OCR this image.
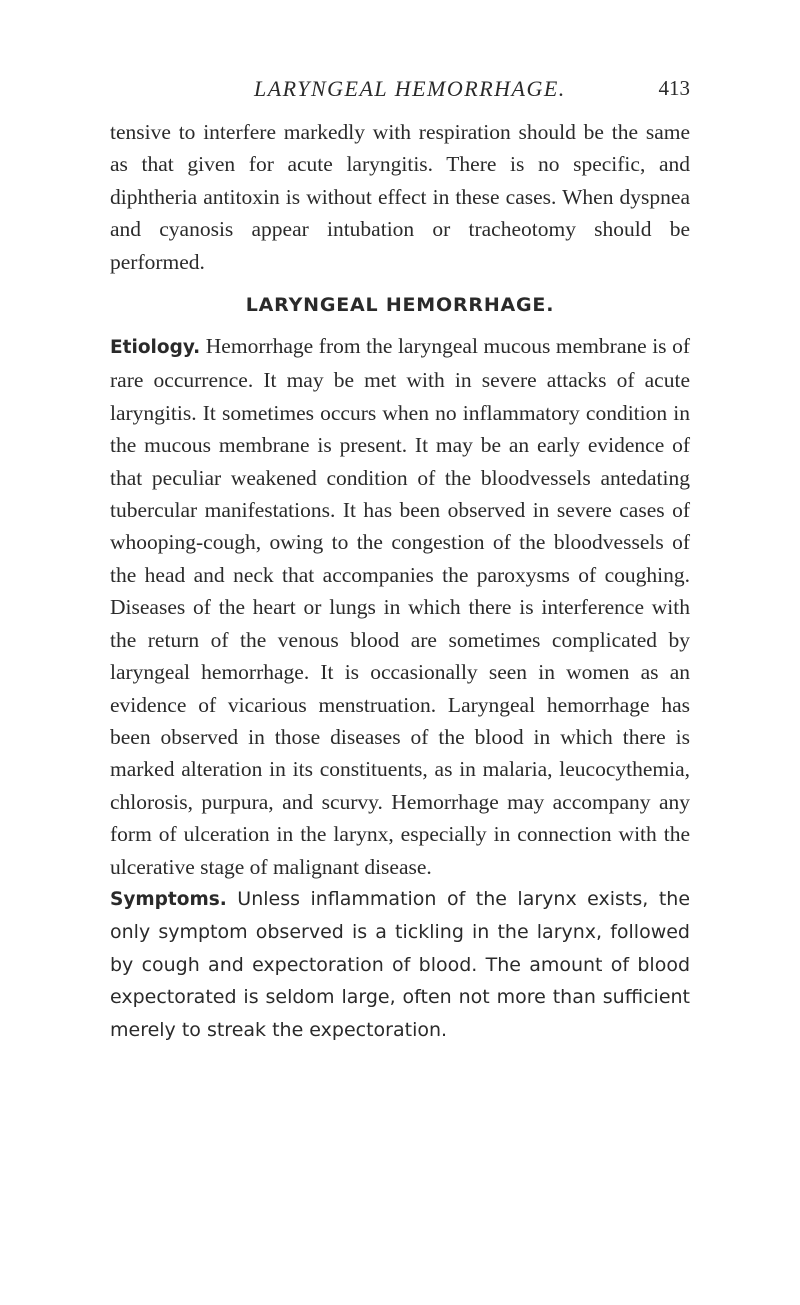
LARYNGEAL HEMORRHAGE.	413

tensive to interfere markedly with respiration should be the same as that given for acute laryngitis. There is no specific, and diphtheria antitoxin is without effect in these cases. When dyspnea and cyanosis appear intubation or tracheotomy should be performed.

LARYNGEAL HEMORRHAGE.

Etiology. Hemorrhage from the laryngeal mucous membrane is of rare occurrence. It may be met with in severe attacks of acute laryngitis. It sometimes occurs when no inflammatory condition in the mucous membrane is present. It may be an early evidence of that peculiar weakened condition of the bloodvessels antedating tubercular manifestations. It has been observed in severe cases of whooping-cough, owing to the congestion of the bloodvessels of the head and neck that accompanies the paroxysms of coughing. Diseases of the heart or lungs in which there is interference with the return of the venous blood are sometimes complicated by laryngeal hemorrhage. It is occasionally seen in women as an evidence of vicarious menstruation. Laryngeal hemorrhage has been observed in those diseases of the blood in which there is marked alteration in its constituents, as in malaria, leucocythemia, chlorosis, purpura, and scurvy. Hemorrhage may accompany any form of ulceration in the larynx, especially in connection with the ulcerative stage of malignant disease.

Symptoms. Unless inflammation of the larynx exists, the only symptom observed is a tickling in the larynx, followed by cough and expectoration of blood. The amount of blood expectorated is seldom large, often not more than sufficient merely to streak the expectoration.
